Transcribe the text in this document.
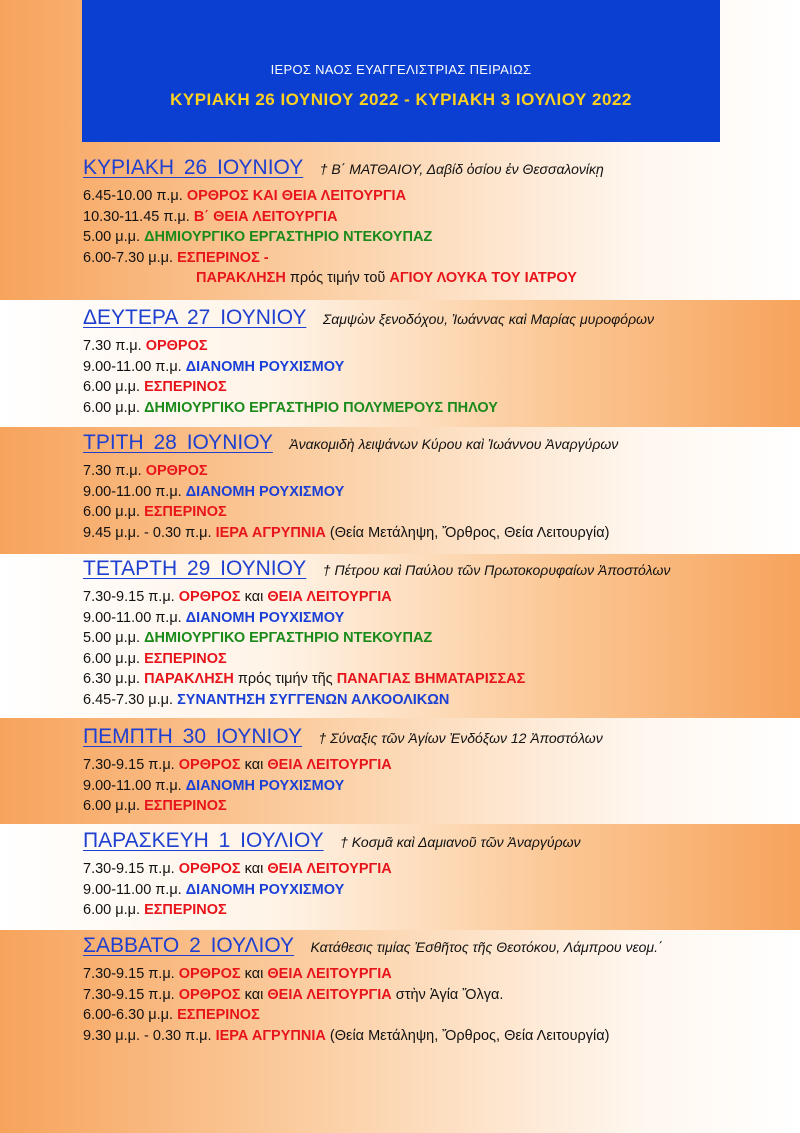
ΙΕΡΟΣ ΝΑΟΣ ΕΥΑΓΓΕΛΙΣΤΡΙΑΣ ΠΕΙΡΑΙΩΣ
ΚΥΡΙΑΚΗ 26 ΙΟΥΝΙΟΥ 2022 - ΚΥΡΙΑΚΗ 3 ΙΟΥΛΙΟΥ 2022
ΚΥΡΙΑΚΗ 26 ΙΟΥΝΙΟΥ † Β΄ ΜΑΤΘΑΙΟΥ, Δαβίδ ὁσίου ἐν Θεσσαλονίκῃ
6.45-10.00 π.μ. ΟΡΘΡΟΣ ΚΑΙ ΘΕΙΑ ΛΕΙΤΟΥΡΓΙΑ
10.30-11.45 π.μ. Β΄ ΘΕΙΑ ΛΕΙΤΟΥΡΓΙΑ
5.00 μ.μ. ΔΗΜΙΟΥΡΓΙΚΟ ΕΡΓΑΣΤΗΡΙΟ ΝΤΕΚΟΥΠΑΖ
6.00-7.30 μ.μ. ΕΣΠΕΡΙΝΟΣ -
ΠΑΡΑΚΛΗΣΗ πρός τιμήν τοῦ ΑΓΙΟΥ ΛΟΥΚΑ ΤΟΥ ΙΑΤΡΟΥ
ΔΕΥΤΕΡΑ 27 ΙΟΥΝΙΟΥ Σαμψὼν ξενοδόχου, Ἰωάννας καὶ Μαρίας μυροφόρων
7.30 π.μ. ΟΡΘΡΟΣ
9.00-11.00 π.μ. ΔΙΑΝΟΜΗ ΡΟΥΧΙΣΜΟΥ
6.00 μ.μ. ΕΣΠΕΡΙΝΟΣ
6.00 μ.μ. ΔΗΜΙΟΥΡΓΙΚΟ ΕΡΓΑΣΤΗΡΙΟ ΠΟΛΥΜΕΡΟΥΣ ΠΗΛΟΥ
ΤΡΙΤΗ 28 ΙΟΥΝΙΟΥ Ἀνακομιδὴ λειψάνων Κύρου καὶ Ἰωάννου Ἀναργύρων
7.30 π.μ. ΟΡΘΡΟΣ
9.00-11.00 π.μ. ΔΙΑΝΟΜΗ ΡΟΥΧΙΣΜΟΥ
6.00 μ.μ. ΕΣΠΕΡΙΝΟΣ
9.45 μ.μ. - 0.30 π.μ. ΙΕΡΑ ΑΓΡΥΠΝΙΑ (Θεία Μετάληψη, Ὄρθρος, Θεία Λειτουργία)
ΤΕΤΑΡΤΗ 29 ΙΟΥΝΙΟΥ † Πέτρου καὶ Παύλου τῶν Πρωτοκορυφαίων Ἀποστόλων
7.30-9.15 π.μ. ΟΡΘΡΟΣ και ΘΕΙΑ ΛΕΙΤΟΥΡΓΙΑ
9.00-11.00 π.μ. ΔΙΑΝΟΜΗ ΡΟΥΧΙΣΜΟΥ
5.00 μ.μ. ΔΗΜΙΟΥΡΓΙΚΟ ΕΡΓΑΣΤΗΡΙΟ ΝΤΕΚΟΥΠΑΖ
6.00 μ.μ. ΕΣΠΕΡΙΝΟΣ
6.30 μ.μ. ΠΑΡΑΚΛΗΣΗ πρός τιμήν τῆς ΠΑΝΑΓΙΑΣ ΒΗΜΑΤΑΡΙΣΣΑΣ
6.45-7.30 μ.μ. ΣΥΝΑΝΤΗΣΗ ΣΥΓΓΕΝΩΝ ΑΛΚΟΟΛΙΚΩΝ
ΠΕΜΠΤΗ 30 ΙΟΥΝΙΟΥ † Σύναξις τῶν Ἁγίων Ἐνδόξων 12 Ἀποστόλων
7.30-9.15 π.μ. ΟΡΘΡΟΣ και ΘΕΙΑ ΛΕΙΤΟΥΡΓΙΑ
9.00-11.00 π.μ. ΔΙΑΝΟΜΗ ΡΟΥΧΙΣΜΟΥ
6.00 μ.μ. ΕΣΠΕΡΙΝΟΣ
ΠΑΡΑΣΚΕΥΗ 1 ΙΟΥΛΙΟΥ † Κοσμᾶ καὶ Δαμιανοῦ τῶν Ἀναργύρων
7.30-9.15 π.μ. ΟΡΘΡΟΣ και ΘΕΙΑ ΛΕΙΤΟΥΡΓΙΑ
9.00-11.00 π.μ. ΔΙΑΝΟΜΗ ΡΟΥΧΙΣΜΟΥ
6.00 μ.μ. ΕΣΠΕΡΙΝΟΣ
ΣΑΒΒΑΤΟ 2 ΙΟΥΛΙΟΥ Κατάθεσις τιμίας Ἐσθῆτος τῆς Θεοτόκου, Λάμπρου νεομ.΄
7.30-9.15 π.μ. ΟΡΘΡΟΣ και ΘΕΙΑ ΛΕΙΤΟΥΡΓΙΑ
7.30-9.15 π.μ. ΟΡΘΡΟΣ και ΘΕΙΑ ΛΕΙΤΟΥΡΓΙΑ στὴν Ἁγία Ὄλγα.
6.00-6.30 μ.μ. ΕΣΠΕΡΙΝΟΣ
9.30 μ.μ. - 0.30 π.μ. ΙΕΡΑ ΑΓΡΥΠΝΙΑ (Θεία Μετάληψη, Ὄρθρος, Θεία Λειτουργία)
